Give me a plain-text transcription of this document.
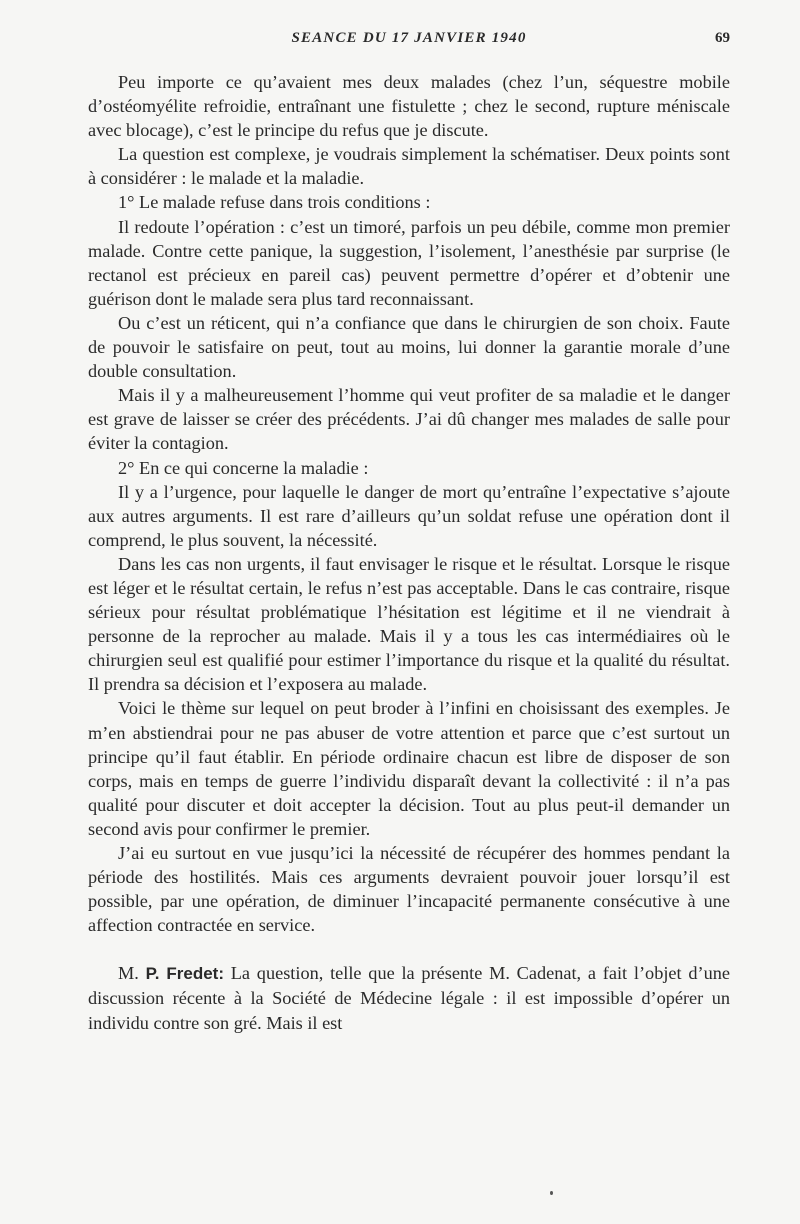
SEANCE DU 17 JANVIER 1940	69

Peu importe ce qu’avaient mes deux malades (chez l’un, séquestre mobile d’ostéomyélite refroidie, entraînant une fistulette ; chez le second, rupture méniscale avec blocage), c’est le principe du refus que je discute.

La question est complexe, je voudrais simplement la schématiser. Deux points sont à considérer : le malade et la maladie.

1° Le malade refuse dans trois conditions :

Il redoute l’opération : c’est un timoré, parfois un peu débile, comme mon premier malade. Contre cette panique, la suggestion, l’isolement, l’anesthésie par surprise (le rectanol est précieux en pareil cas) peuvent permettre d’opérer et d’obtenir une guérison dont le malade sera plus tard reconnaissant.

Ou c’est un réticent, qui n’a confiance que dans le chirurgien de son choix. Faute de pouvoir le satisfaire on peut, tout au moins, lui donner la garantie morale d’une double consultation.

Mais il y a malheureusement l’homme qui veut profiter de sa maladie et le danger est grave de laisser se créer des précédents. J’ai dû changer mes malades de salle pour éviter la contagion.

2° En ce qui concerne la maladie :

Il y a l’urgence, pour laquelle le danger de mort qu’entraîne l’expectative s’ajoute aux autres arguments. Il est rare d’ailleurs qu’un soldat refuse une opération dont il comprend, le plus souvent, la nécessité.

Dans les cas non urgents, il faut envisager le risque et le résultat. Lorsque le risque est léger et le résultat certain, le refus n’est pas acceptable. Dans le cas contraire, risque sérieux pour résultat problématique l’hésitation est légitime et il ne viendrait à personne de la reprocher au malade. Mais il y a tous les cas intermédiaires où le chirurgien seul est qualifié pour estimer l’importance du risque et la qualité du résultat. Il prendra sa décision et l’exposera au malade.

Voici le thème sur lequel on peut broder à l’infini en choisissant des exemples. Je m’en abstiendrai pour ne pas abuser de votre attention et parce que c’est surtout un principe qu’il faut établir. En période ordinaire chacun est libre de disposer de son corps, mais en temps de guerre l’individu disparaît devant la collectivité : il n’a pas qualité pour discuter et doit accepter la décision. Tout au plus peut-il demander un second avis pour confirmer le premier.

J’ai eu surtout en vue jusqu’ici la nécessité de récupérer des hommes pendant la période des hostilités. Mais ces arguments devraient pouvoir jouer lorsqu’il est possible, par une opération, de diminuer l’incapacité permanente consécutive à une affection contractée en service.

M. P. Fredet: La question, telle que la présente M. Cadenat, a fait l’objet d’une discussion récente à la Société de Médecine légale : il est impossible d’opérer un individu contre son gré. Mais il est
